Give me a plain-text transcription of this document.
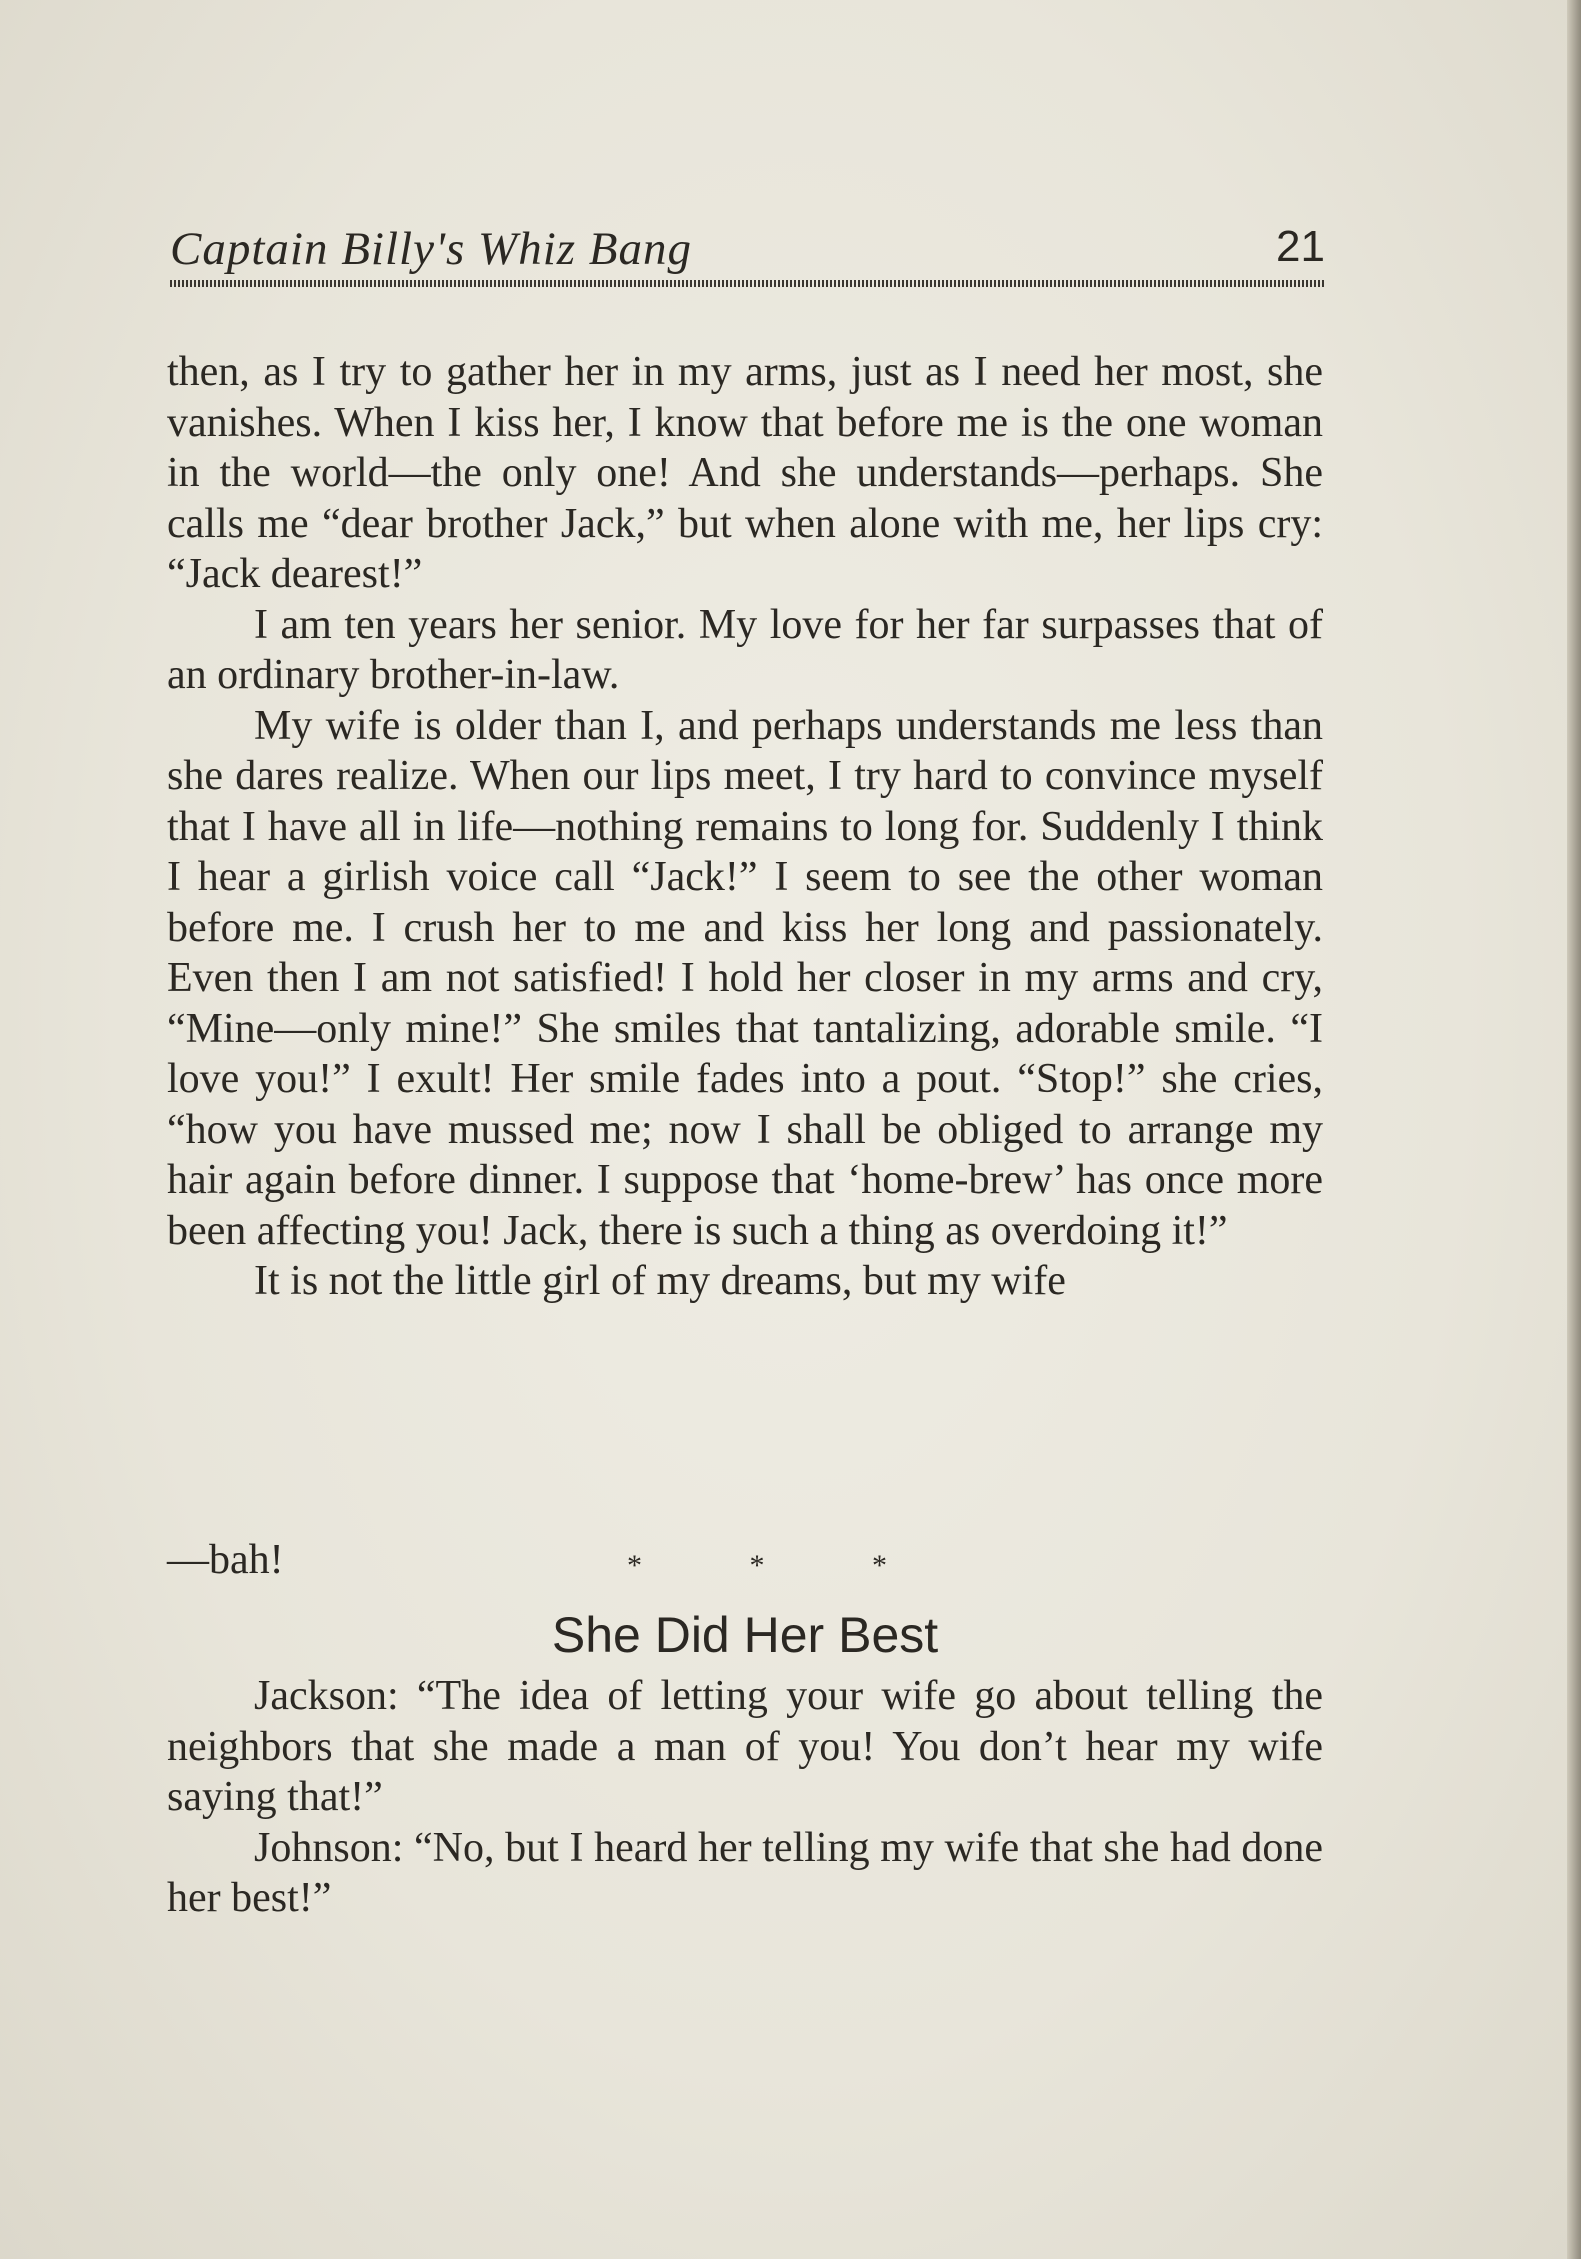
Captain Billy's Whiz Bang	21

then, as I try to gather her in my arms, just as I need her most, she vanishes. When I kiss her, I know that before me is the one woman in the world—the only one! And she understands—perhaps. She calls me “dear brother Jack,” but when alone with me, her lips cry: “Jack dearest!”

I am ten years her senior. My love for her far surpasses that of an ordinary brother-in-law.

My wife is older than I, and perhaps understands me less than she dares realize. When our lips meet, I try hard to convince myself that I have all in life—nothing remains to long for. Suddenly I think I hear a girlish voice call “Jack!” I seem to see the other woman before me. I crush her to me and kiss her long and passionately. Even then I am not satisfied! I hold her closer in my arms and cry, “Mine—only mine!” She smiles that tantalizing, adorable smile. “I love you!” I exult! Her smile fades into a pout. “Stop!” she cries, “how you have mussed me; now I shall be obliged to arrange my hair again before dinner. I suppose that ‘home-brew’ has once more been affecting you! Jack, there is such a thing as overdoing it!”

It is not the little girl of my dreams, but my wife

—bah!	* * *
She Did Her Best

Jackson: “The idea of letting your wife go about telling the neighbors that she made a man of you! You don’t hear my wife saying that!”

Johnson: “No, but I heard her telling my wife that she had done her best!”
